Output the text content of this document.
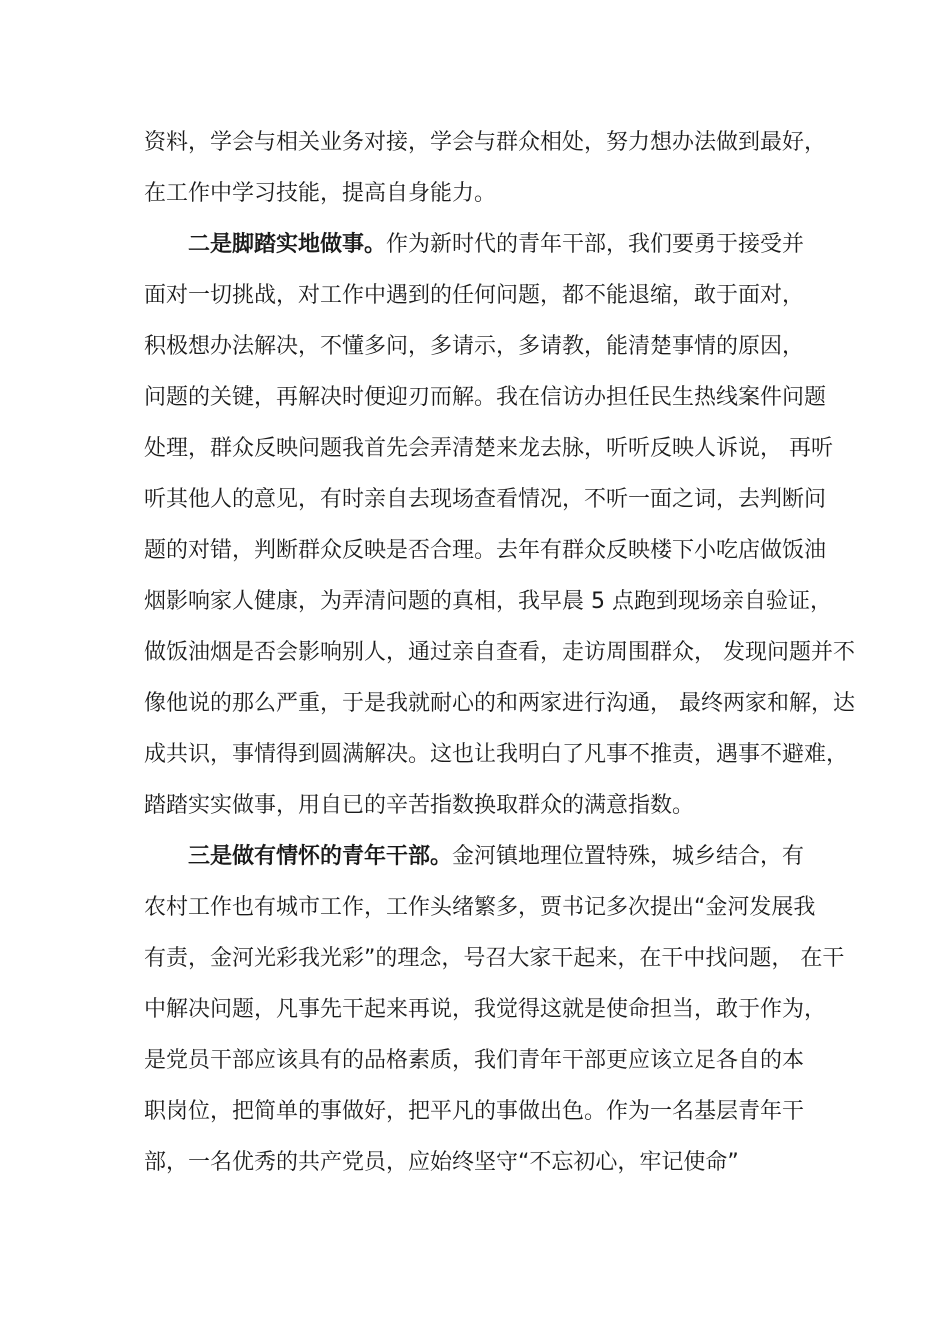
资料，学会与相关业务对接，学会与群众相处，努力想办法做到最好，
在工作中学习技能，提高自身能力。
二是脚踏实地做事。作为新时代的青年干部，我们要勇于接受并
面对一切挑战，对工作中遇到的任何问题，都不能退缩，敢于面对，
积极想办法解决，不懂多问，多请示，多请教，能清楚事情的原因，
问题的关键，再解决时便迎刃而解。我在信访办担任民生热线案件问题
处理，群众反映问题我首先会弄清楚来龙去脉，听听反映人诉说， 再听
听其他人的意见，有时亲自去现场查看情况，不听一面之词，去判断问
题的对错，判断群众反映是否合理。去年有群众反映楼下小吃店做饭油
烟影响家人健康，为弄清问题的真相，我早晨 5 点跑到现场亲自验证，
做饭油烟是否会影响别人，通过亲自查看，走访周围群众， 发现问题并不
像他说的那么严重，于是我就耐心的和两家进行沟通， 最终两家和解，达
成共识，事情得到圆满解决。这也让我明白了凡事不推责，遇事不避难，
踏踏实实做事，用自已的辛苦指数换取群众的满意指数。
三是做有情怀的青年干部。金河镇地理位置特殊，城乡结合，有
农村工作也有城市工作，工作头绪繁多，贾书记多次提出“金河发展我
有责，金河光彩我光彩”的理念，号召大家干起来，在干中找问题， 在干
中解决问题，凡事先干起来再说，我觉得这就是使命担当，敢于作为，
是党员干部应该具有的品格素质，我们青年干部更应该立足各自的本
职岗位，把简单的事做好，把平凡的事做出色。作为一名基层青年干
部，一名优秀的共产党员，应始终坚守“不忘初心，牢记使命”
